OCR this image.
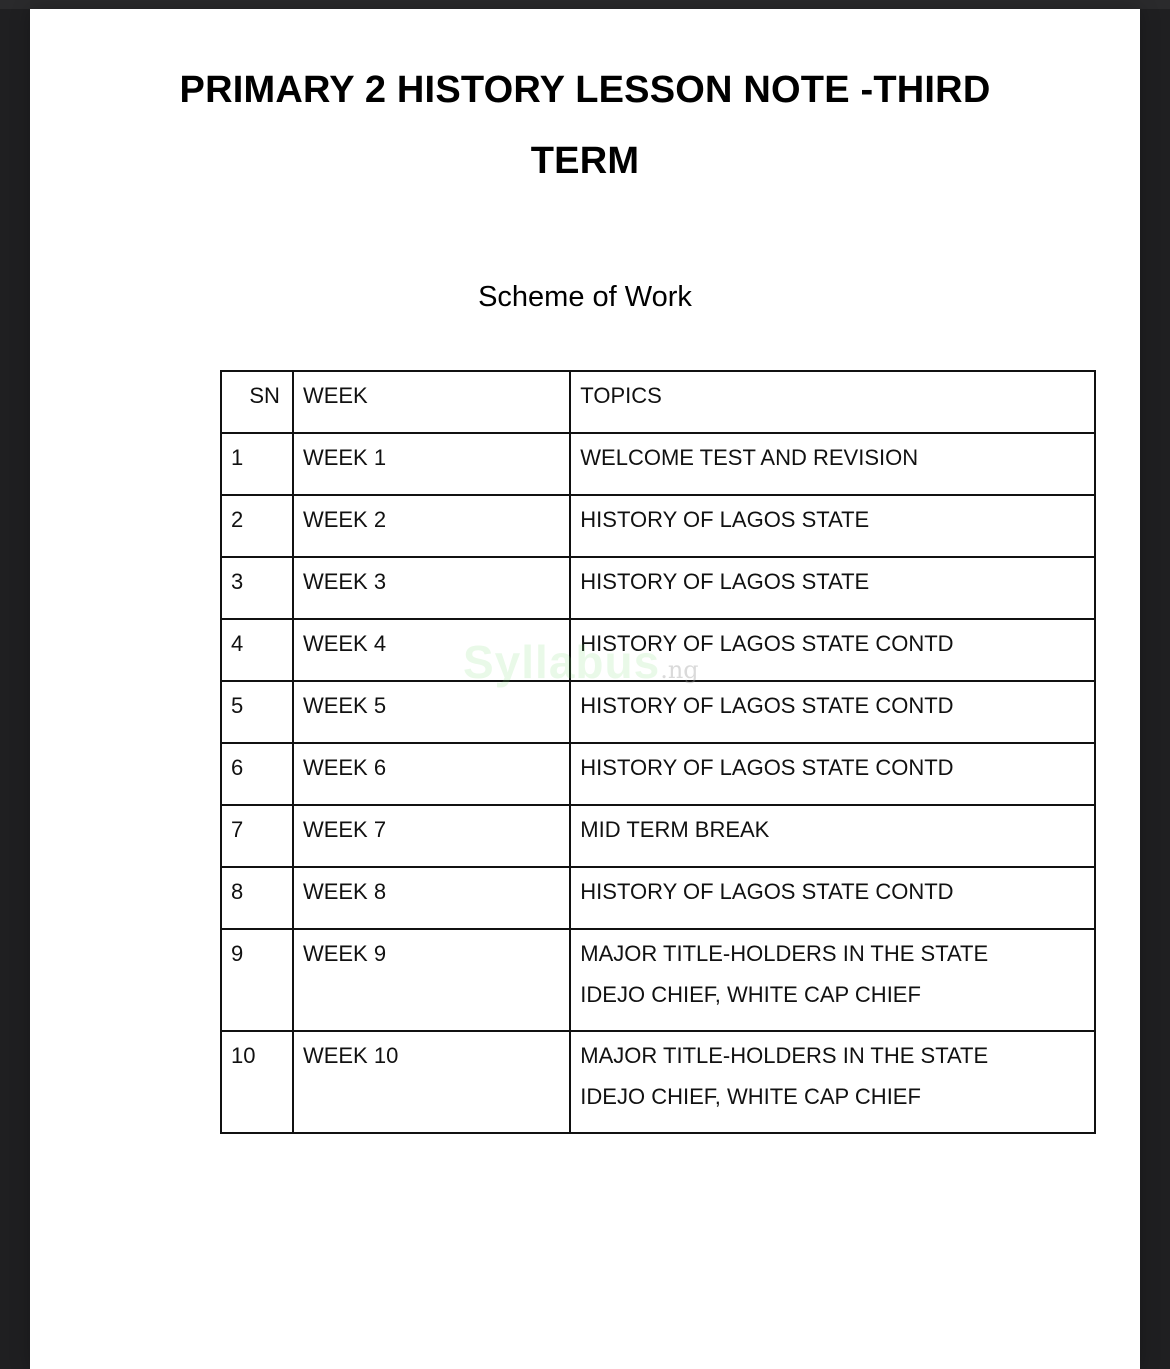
PRIMARY 2 HISTORY LESSON NOTE -THIRD
TERM
Scheme of Work
SN	WEEK	TOPICS
1	WEEK 1	WELCOME TEST AND REVISION

2	WEEK 2	HISTORY OF LAGOS STATE

3	WEEK 3	HISTORY OF LAGOS STATE

4	WEEK 4	HISTORY OF LAGOS STATE CONTD

5	WEEK 5	HISTORY OF LAGOS STATE CONTD

6	WEEK 6	HISTORY OF LAGOS STATE CONTD

7	WEEK 7	MID TERM BREAK

8	WEEK 8	HISTORY OF LAGOS STATE CONTD

9	WEEK 9	MAJOR TITLE-HOLDERS IN THE STATE
IDEJO CHIEF, WHITE CAP CHIEF

10	WEEK 10	MAJOR TITLE-HOLDERS IN THE STATE
IDEJO CHIEF, WHITE CAP CHIEF
Syllabus.ng
